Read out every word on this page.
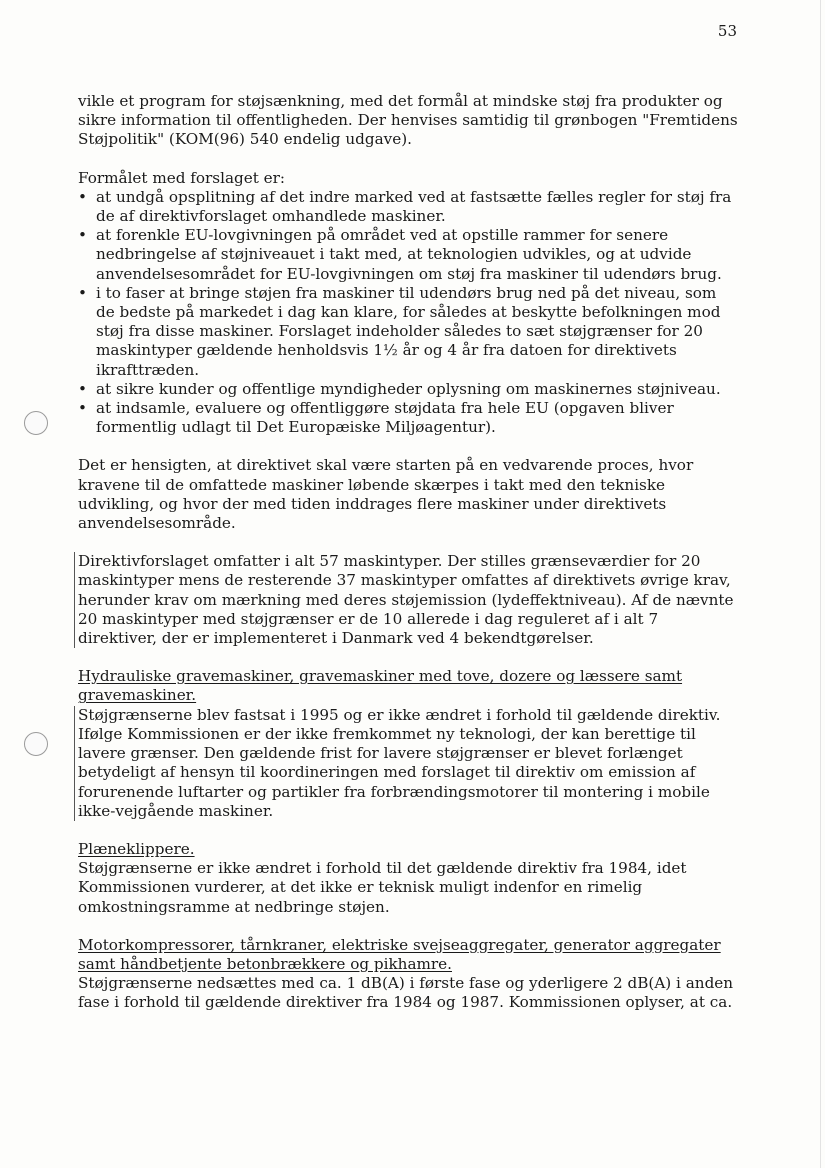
53

vikle et program for støjsænkning, med det formål at mindske støj fra produkter og sikre information til offentligheden. Der henvises samtidig til grønbogen "Fremtidens Støjpolitik" (KOM(96) 540 endelig udgave).

Formålet med forslaget er:

• at undgå opsplitning af det indre marked ved at fastsætte fælles regler for støj fra de af direktivforslaget omhandlede maskiner.
• at forenkle EU-lovgivningen på området ved at opstille rammer for senere nedbringelse af støjniveauet i takt med, at teknologien udvikles, og at udvide anvendelsesområdet for EU-lovgivningen om støj fra maskiner til udendørs brug.
• i to faser at bringe støjen fra maskiner til udendørs brug ned på det niveau, som de bedste på markedet i dag kan klare, for således at beskytte befolkningen mod støj fra disse maskiner. Forslaget indeholder således to sæt støjgrænser for 20 maskintyper gældende henholdsvis 1½ år og 4 år fra datoen for direktivets ikrafttræden.
• at sikre kunder og offentlige myndigheder oplysning om maskinernes støjniveau.
• at indsamle, evaluere og offentliggøre støjdata fra hele EU (opgaven bliver formentlig udlagt til Det Europæiske Miljøagentur).

Det er hensigten, at direktivet skal være starten på en vedvarende proces, hvor kravene til de omfattede maskiner løbende skærpes i takt med den tekniske udvikling, og hvor der med tiden inddrages flere maskiner under direktivets anvendelsesområde.

Direktivforslaget omfatter i alt 57 maskintyper. Der stilles grænseværdier for 20 maskintyper mens de resterende 37 maskintyper omfattes af direktivets øvrige krav, herunder krav om mærkning med deres støjemission (lydeffektniveau). Af de nævnte 20 maskintyper med støjgrænser er de 10 allerede i dag reguleret af i alt 7 direktiver, der er implementeret i Danmark ved 4 bekendtgørelser.

Hydrauliske gravemaskiner, gravemaskiner med tove, dozere og læssere samt gravemaskiner.

Støjgrænserne blev fastsat i 1995 og er ikke ændret i forhold til gældende direktiv. Ifølge Kommissionen er der ikke fremkommet ny teknologi, der kan berettige til lavere grænser. Den gældende frist for lavere støjgrænser er blevet forlænget betydeligt af hensyn til koordineringen med forslaget til direktiv om emission af forurenende luftarter og partikler fra forbrændingsmotorer til montering i mobile ikke-vejgående maskiner.

Plæneklippere.

Støjgrænserne er ikke ændret i forhold til det gældende direktiv fra 1984, idet Kommissionen vurderer, at det ikke er teknisk muligt indenfor en rimelig omkostningsramme at nedbringe støjen.

Motorkompressorer, tårnkraner, elektriske svejseaggregater, generator aggregater samt håndbetjente betonbrækkere og pikhamre.

Støjgrænserne nedsættes med ca. 1 dB(A) i første fase og yderligere 2 dB(A) i anden fase i forhold til gældende direktiver fra 1984 og 1987. Kommissionen oplyser, at ca.
